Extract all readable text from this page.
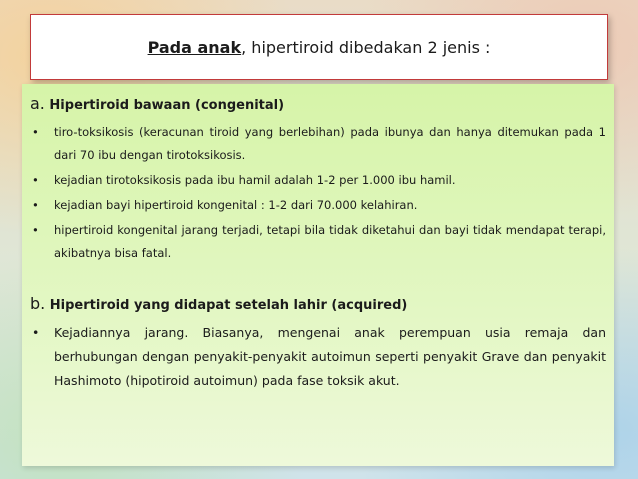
Pada anak , hipertiroid dibedakan 2 jenis :
a. Hipertiroid bawaan (congenital)
• tiro-toksikosis (keracunan tiroid yang berlebihan) pada ibunya dan hanya ditemukan pada 1 dari 70 ibu dengan tirotoksikosis.
• kejadian tirotoksikosis pada ibu hamil adalah 1-2 per 1.000 ibu hamil.
• kejadian bayi hipertiroid kongenital : 1-2 dari 70.000 kelahiran.
• hipertiroid kongenital jarang terjadi, tetapi bila tidak diketahui dan bayi tidak mendapat terapi, akibatnya bisa fatal.
b. Hipertiroid yang didapat setelah lahir (acquired)
• Kejadiannya jarang. Biasanya, mengenai anak perempuan usia remaja dan berhubungan dengan penyakit-penyakit autoimun seperti penyakit Grave dan penyakit Hashimoto (hipotiroid autoimun) pada fase toksik akut.
